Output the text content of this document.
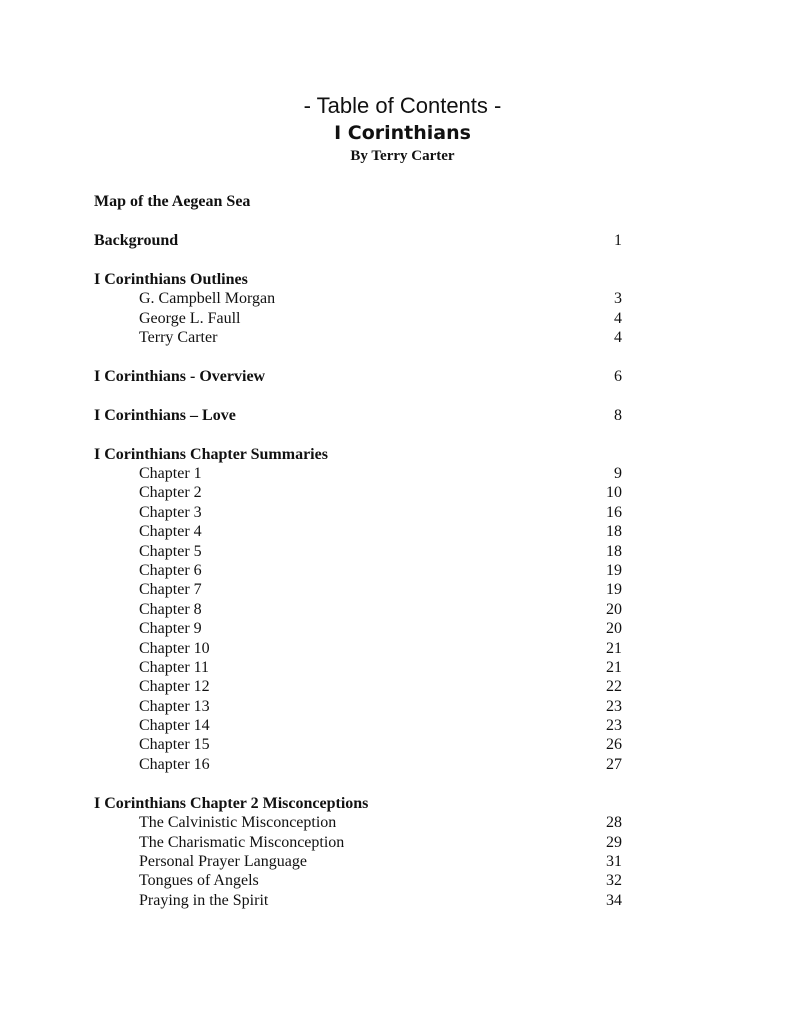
- Table of Contents -
I Corinthians
By Terry Carter
Map of the Aegean Sea
Background	1
I Corinthians Outlines
G. Campbell Morgan	3
George L. Faull	4
Terry Carter	4
I Corinthians - Overview	6
I Corinthians – Love	8
I Corinthians Chapter Summaries
Chapter 1	9
Chapter 2	10
Chapter 3	16
Chapter 4	18
Chapter 5	18
Chapter 6	19
Chapter 7	19
Chapter 8	20
Chapter 9	20
Chapter 10	21
Chapter 11	21
Chapter 12	22
Chapter 13	23
Chapter 14	23
Chapter 15	26
Chapter 16	27
I Corinthians Chapter 2 Misconceptions
The Calvinistic Misconception	28
The Charismatic Misconception	29
Personal Prayer Language	31
Tongues of Angels	32
Praying in the Spirit	34
